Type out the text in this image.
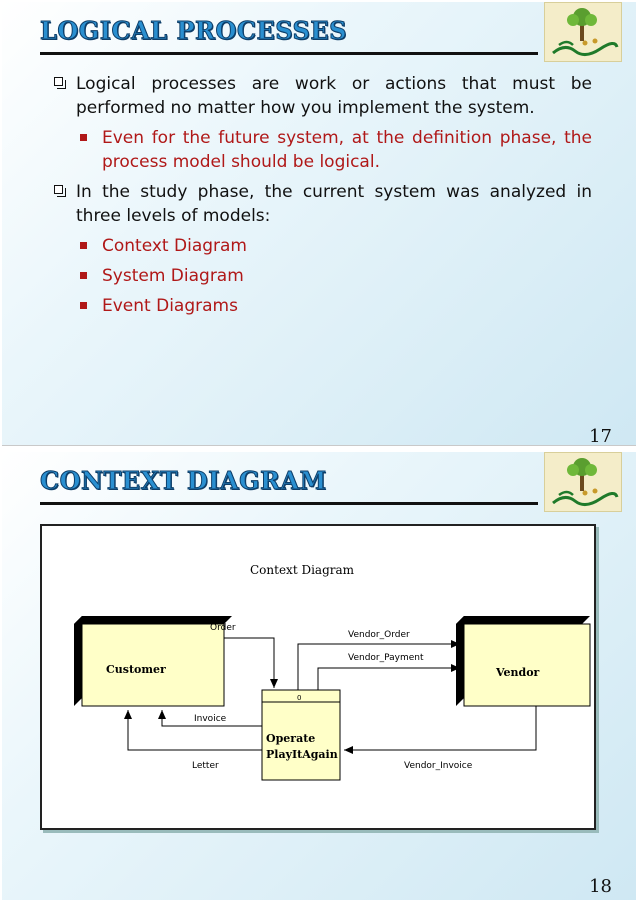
LOGICAL PROCESSES
Logical processes are work or actions that must be performed no matter how you implement the system.
Even for the future system, at the definition phase, the process model should be logical.
In the study phase, the current system was analyzed in three levels of models:
Context Diagram
System Diagram
Event Diagrams
17
CONTEXT DIAGRAM
Context Diagram
Customer	Vendor
0
Operate
PlayItAgain
Order
Invoice
Letter
Vendor_Order
Vendor_Payment
Vendor_Invoice
18
